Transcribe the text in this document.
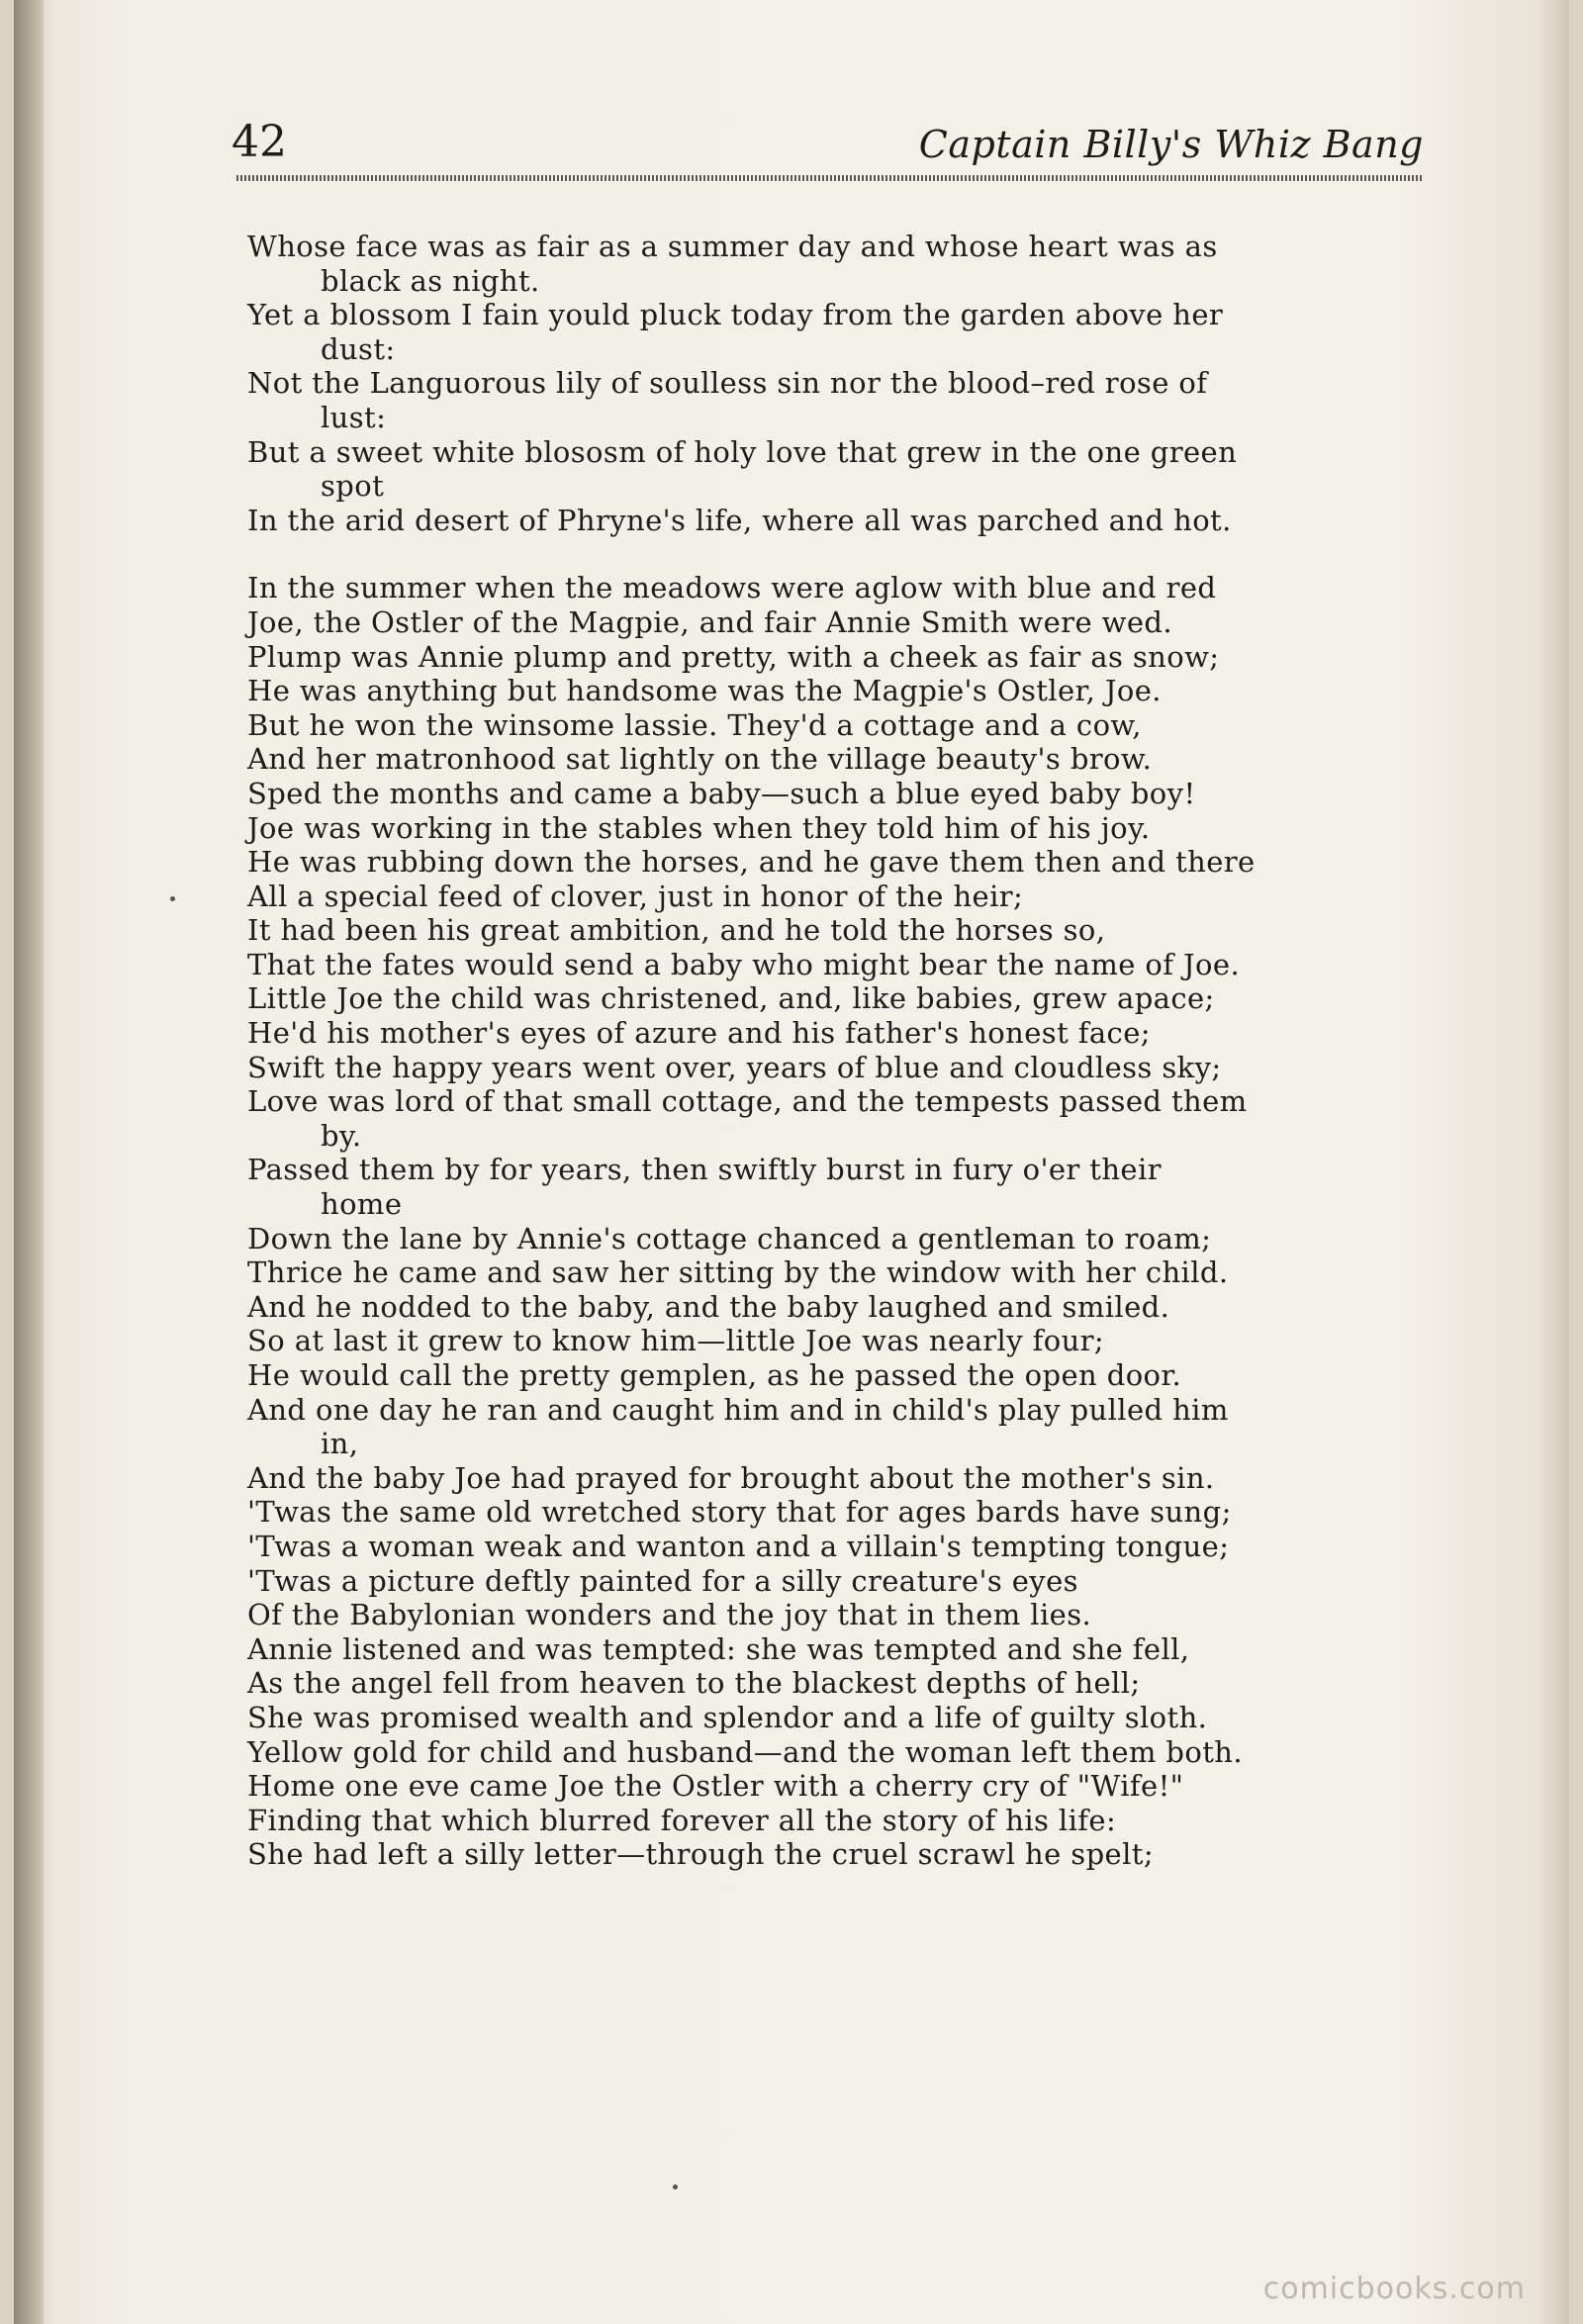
42	Captain Billy's Whiz Bang
Whose face was as fair as a summer day and whose heart was as
black as night.
Yet a blossom I fain yould pluck today from the garden above her
dust:
Not the Languorous lily of soulless sin nor the blood–red rose of
lust:
But a sweet white blososm of holy love that grew in the one green
spot
In the arid desert of Phryne's life, where all was parched and hot.
In the summer when the meadows were aglow with blue and red
Joe, the Ostler of the Magpie, and fair Annie Smith were wed.
Plump was Annie plump and pretty, with a cheek as fair as snow;
He was anything but handsome was the Magpie's Ostler, Joe.
But he won the winsome lassie. They'd a cottage and a cow,
And her matronhood sat lightly on the village beauty's brow.
Sped the months and came a baby—such a blue eyed baby boy!
Joe was working in the stables when they told him of his joy.
He was rubbing down the horses, and he gave them then and there
All a special feed of clover, just in honor of the heir;
It had been his great ambition, and he told the horses so,
That the fates would send a baby who might bear the name of Joe.
Little Joe the child was christened, and, like babies, grew apace;
He'd his mother's eyes of azure and his father's honest face;
Swift the happy years went over, years of blue and cloudless sky;
Love was lord of that small cottage, and the tempests passed them
by.
Passed them by for years, then swiftly burst in fury o'er their
home
Down the lane by Annie's cottage chanced a gentleman to roam;
Thrice he came and saw her sitting by the window with her child.
And he nodded to the baby, and the baby laughed and smiled.
So at last it grew to know him—little Joe was nearly four;
He would call the pretty gemplen, as he passed the open door.
And one day he ran and caught him and in child's play pulled him
in,
And the baby Joe had prayed for brought about the mother's sin.
'Twas the same old wretched story that for ages bards have sung;
'Twas a woman weak and wanton and a villain's tempting tongue;
'Twas a picture deftly painted for a silly creature's eyes
Of the Babylonian wonders and the joy that in them lies.
Annie listened and was tempted: she was tempted and she fell,
As the angel fell from heaven to the blackest depths of hell;
She was promised wealth and splendor and a life of guilty sloth.
Yellow gold for child and husband—and the woman left them both.
Home one eve came Joe the Ostler with a cherry cry of "Wife!"
Finding that which blurred forever all the story of his life:
She had left a silly letter—through the cruel scrawl he spelt;
comicbooks.com
